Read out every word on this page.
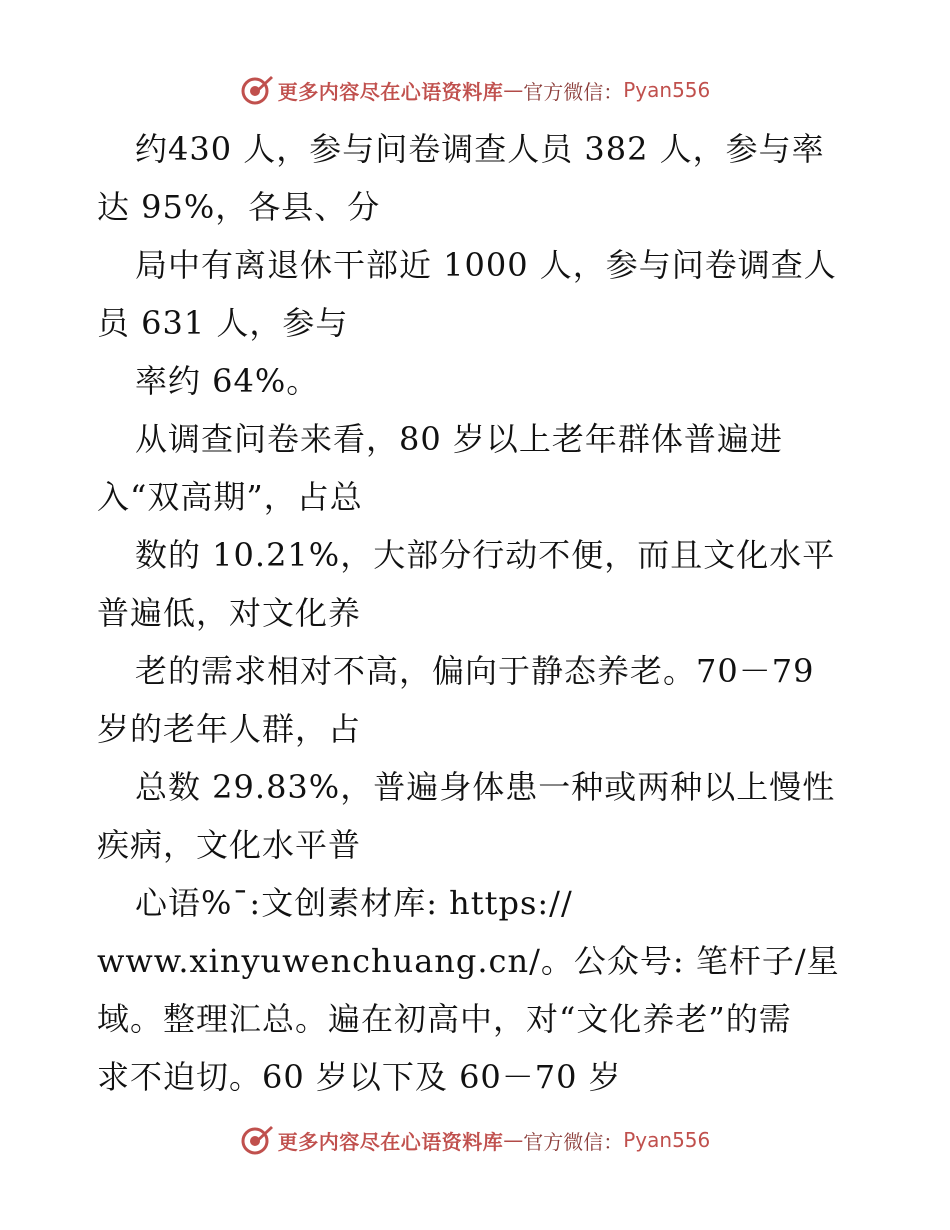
更多内容尽在心语资料库 — 官方微信： Pyan556
约430 人，参与问卷调查人员 382 人，参与率
达 95%，各县、分
局中有离退休干部近 1000 人，参与问卷调查人
员 631 人，参与
率约 64%。
从调查问卷来看，80 岁以上老年群体普遍进
入“双高期”，占总
数的 10.21%，大部分行动不便，而且文化水平
普遍低，对文化养
老的需求相对不高，偏向于静态养老。70－79
岁的老年人群，占
总数 29.83%，普遍身体患一种或两种以上慢性
疾病，文化水平普
心语%¯:文创素材库: https://
www.xinyuwenchuang.cn/。公众号: 笔杆子/星
域。整理汇总。遍在初高中，对“文化养老”的需
求不迫切。60 岁以下及 60－70 岁
更多内容尽在心语资料库 — 官方微信： Pyan556
